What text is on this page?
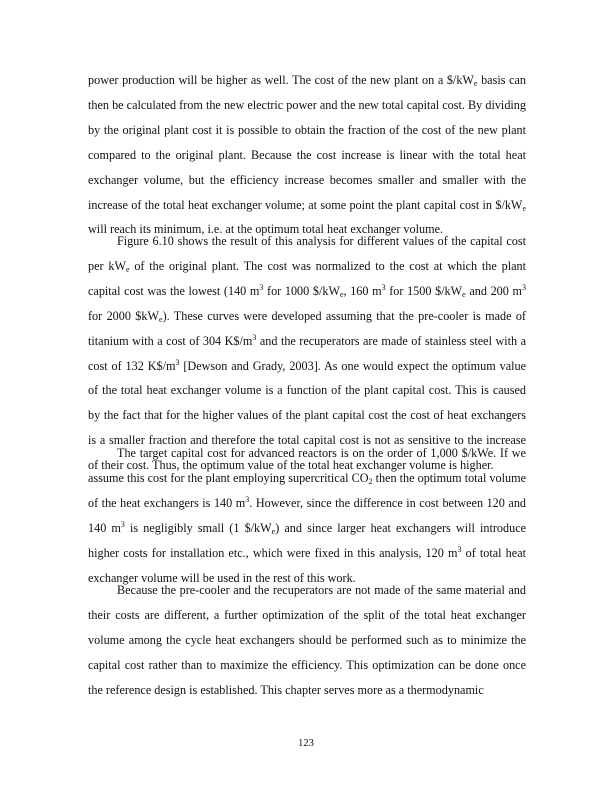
power production will be higher as well. The cost of the new plant on a $\$/kW_e$ basis can then be calculated from the new electric power and the new total capital cost. By dividing by the original plant cost it is possible to obtain the fraction of the cost of the new plant compared to the original plant. Because the cost increase is linear with the total heat exchanger volume, but the efficiency increase becomes smaller and smaller with the increase of the total heat exchanger volume; at some point the plant capital cost in $\$/kW_e$ will reach its minimum, i.e. at the optimum total heat exchanger volume.

Figure 6.10 shows the result of this analysis for different values of the capital cost per $kW_e$ of the original plant. The cost was normalized to the cost at which the plant capital cost was the lowest (140 $m^3$ for 1000 $\$/kW_e$, 160 $m^3$ for 1500 $\$/kW_e$ and 200 $m^3$ for 2000 $\$kW_e$). These curves were developed assuming that the pre-cooler is made of titanium with a cost of 304 $K\$/m^3$ and the recuperators are made of stainless steel with a cost of 132 $K\$/m^3$ [Dewson and Grady, 2003]. As one would expect the optimum value of the total heat exchanger volume is a function of the plant capital cost. This is caused by the fact that for the higher values of the plant capital cost the cost of heat exchangers is a smaller fraction and therefore the total capital cost is not as sensitive to the increase of their cost. Thus, the optimum value of the total heat exchanger volume is higher.

The target capital cost for advanced reactors is on the order of 1,000 $/kWe. If we assume this cost for the plant employing supercritical $CO_2$ then the optimum total volume of the heat exchangers is 140 $m^3$. However, since the difference in cost between 120 and 140 $m^3$ is negligibly small (1 $\$/kW_e$) and since larger heat exchangers will introduce higher costs for installation etc., which were fixed in this analysis, 120 $m^3$ of total heat exchanger volume will be used in the rest of this work.

Because the pre-cooler and the recuperators are not made of the same material and their costs are different, a further optimization of the split of the total heat exchanger volume among the cycle heat exchangers should be performed such as to minimize the capital cost rather than to maximize the efficiency. This optimization can be done once the reference design is established. This chapter serves more as a thermodynamic

123
